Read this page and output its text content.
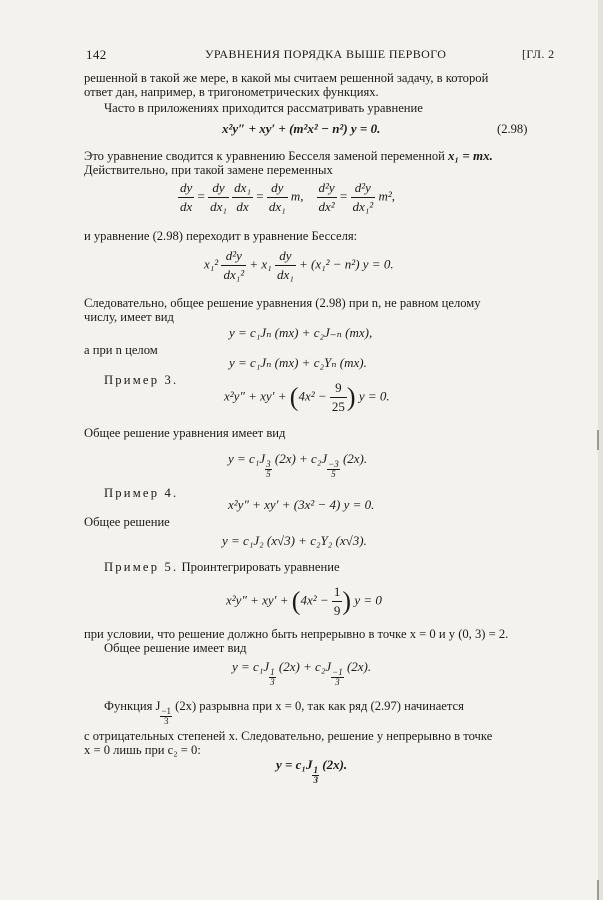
142	УРАВНЕНИЯ ПОРЯДКА ВЫШЕ ПЕРВОГО	[ГЛ. 2
решенной в такой же мере, в какой мы считаем решенной задачу, в которой
ответ дан, например, в тригонометрических функциях.
Часто в приложениях приходится рассматривать уравнение
x²y″ + xy′ + (m²x² − n²) y = 0.	(2.98)
Это уравнение сводится к уравнению Бесселя заменой переменной x₁ = mx.
Действительно, при такой замене переменных
$\frac{dy}{dx} = \frac{dy}{\text{dx₁}}$
$\frac{\text{dx₁}}{dx} = \frac{dy}{\text{dx₁}} m$, $\frac{\text{d²y}}{\text{dx²}} = \frac{\text{d²y}}{\text{dx₁²}} m^2$,
и уравнение (2.98) переходит в уравнение Бесселя:
$x_1^2 \frac{\text{d²y}}{\text{dx₁²}} + x_1 \frac{dy}{\text{dx₁}} + (x_1^2 - n^2) y = 0$.
Следовательно, общее решение уравнения (2.98) при n, не равном целому
числу, имеет вид
y = c₁Jₙ (mx) + c₂J₋ₙ (mx),
а при n целом
y = c₁Jₙ (mx) + c₂Yₙ (mx).
Пример 3.
$x^2y'' + xy' + (4x^2 - \frac{9}{25}$ ) y = 0.
Общее решение уравнения имеет вид
y = c₁J
$\frac{3}{5}$
(2x) + c₂J
$\frac{-3}{5}$
(2x).
Пример 4.
x²y″ + xy′ + (3x² − 4) y = 0.
Общее решение
y = c₁J₂ (x√3) + c₂Y₂ (x√3).
Пример 5. Проинтегрировать уравнение
$x^2y'' + xy' + (4x^2 - \frac{1}{9}$ ) y = 0
при условии, что решение должно быть непрерывно в точке x = 0 и y (0, 3) = 2.
Общее решение имеет вид
y = c₁J
$\frac{1}{3}$
(2x) + c₂J
$\frac{-1}{3}$
(2x).
Функция J
$\frac{-1}{3}$
(2x) разрывна при x = 0, так как ряд (2.97) начинается
с отрицательных степеней x. Следовательно, решение y непрерывно в точке
x = 0 лишь при c₂ = 0:
y = c₁J
$\frac{1}{3}$
(2x).
